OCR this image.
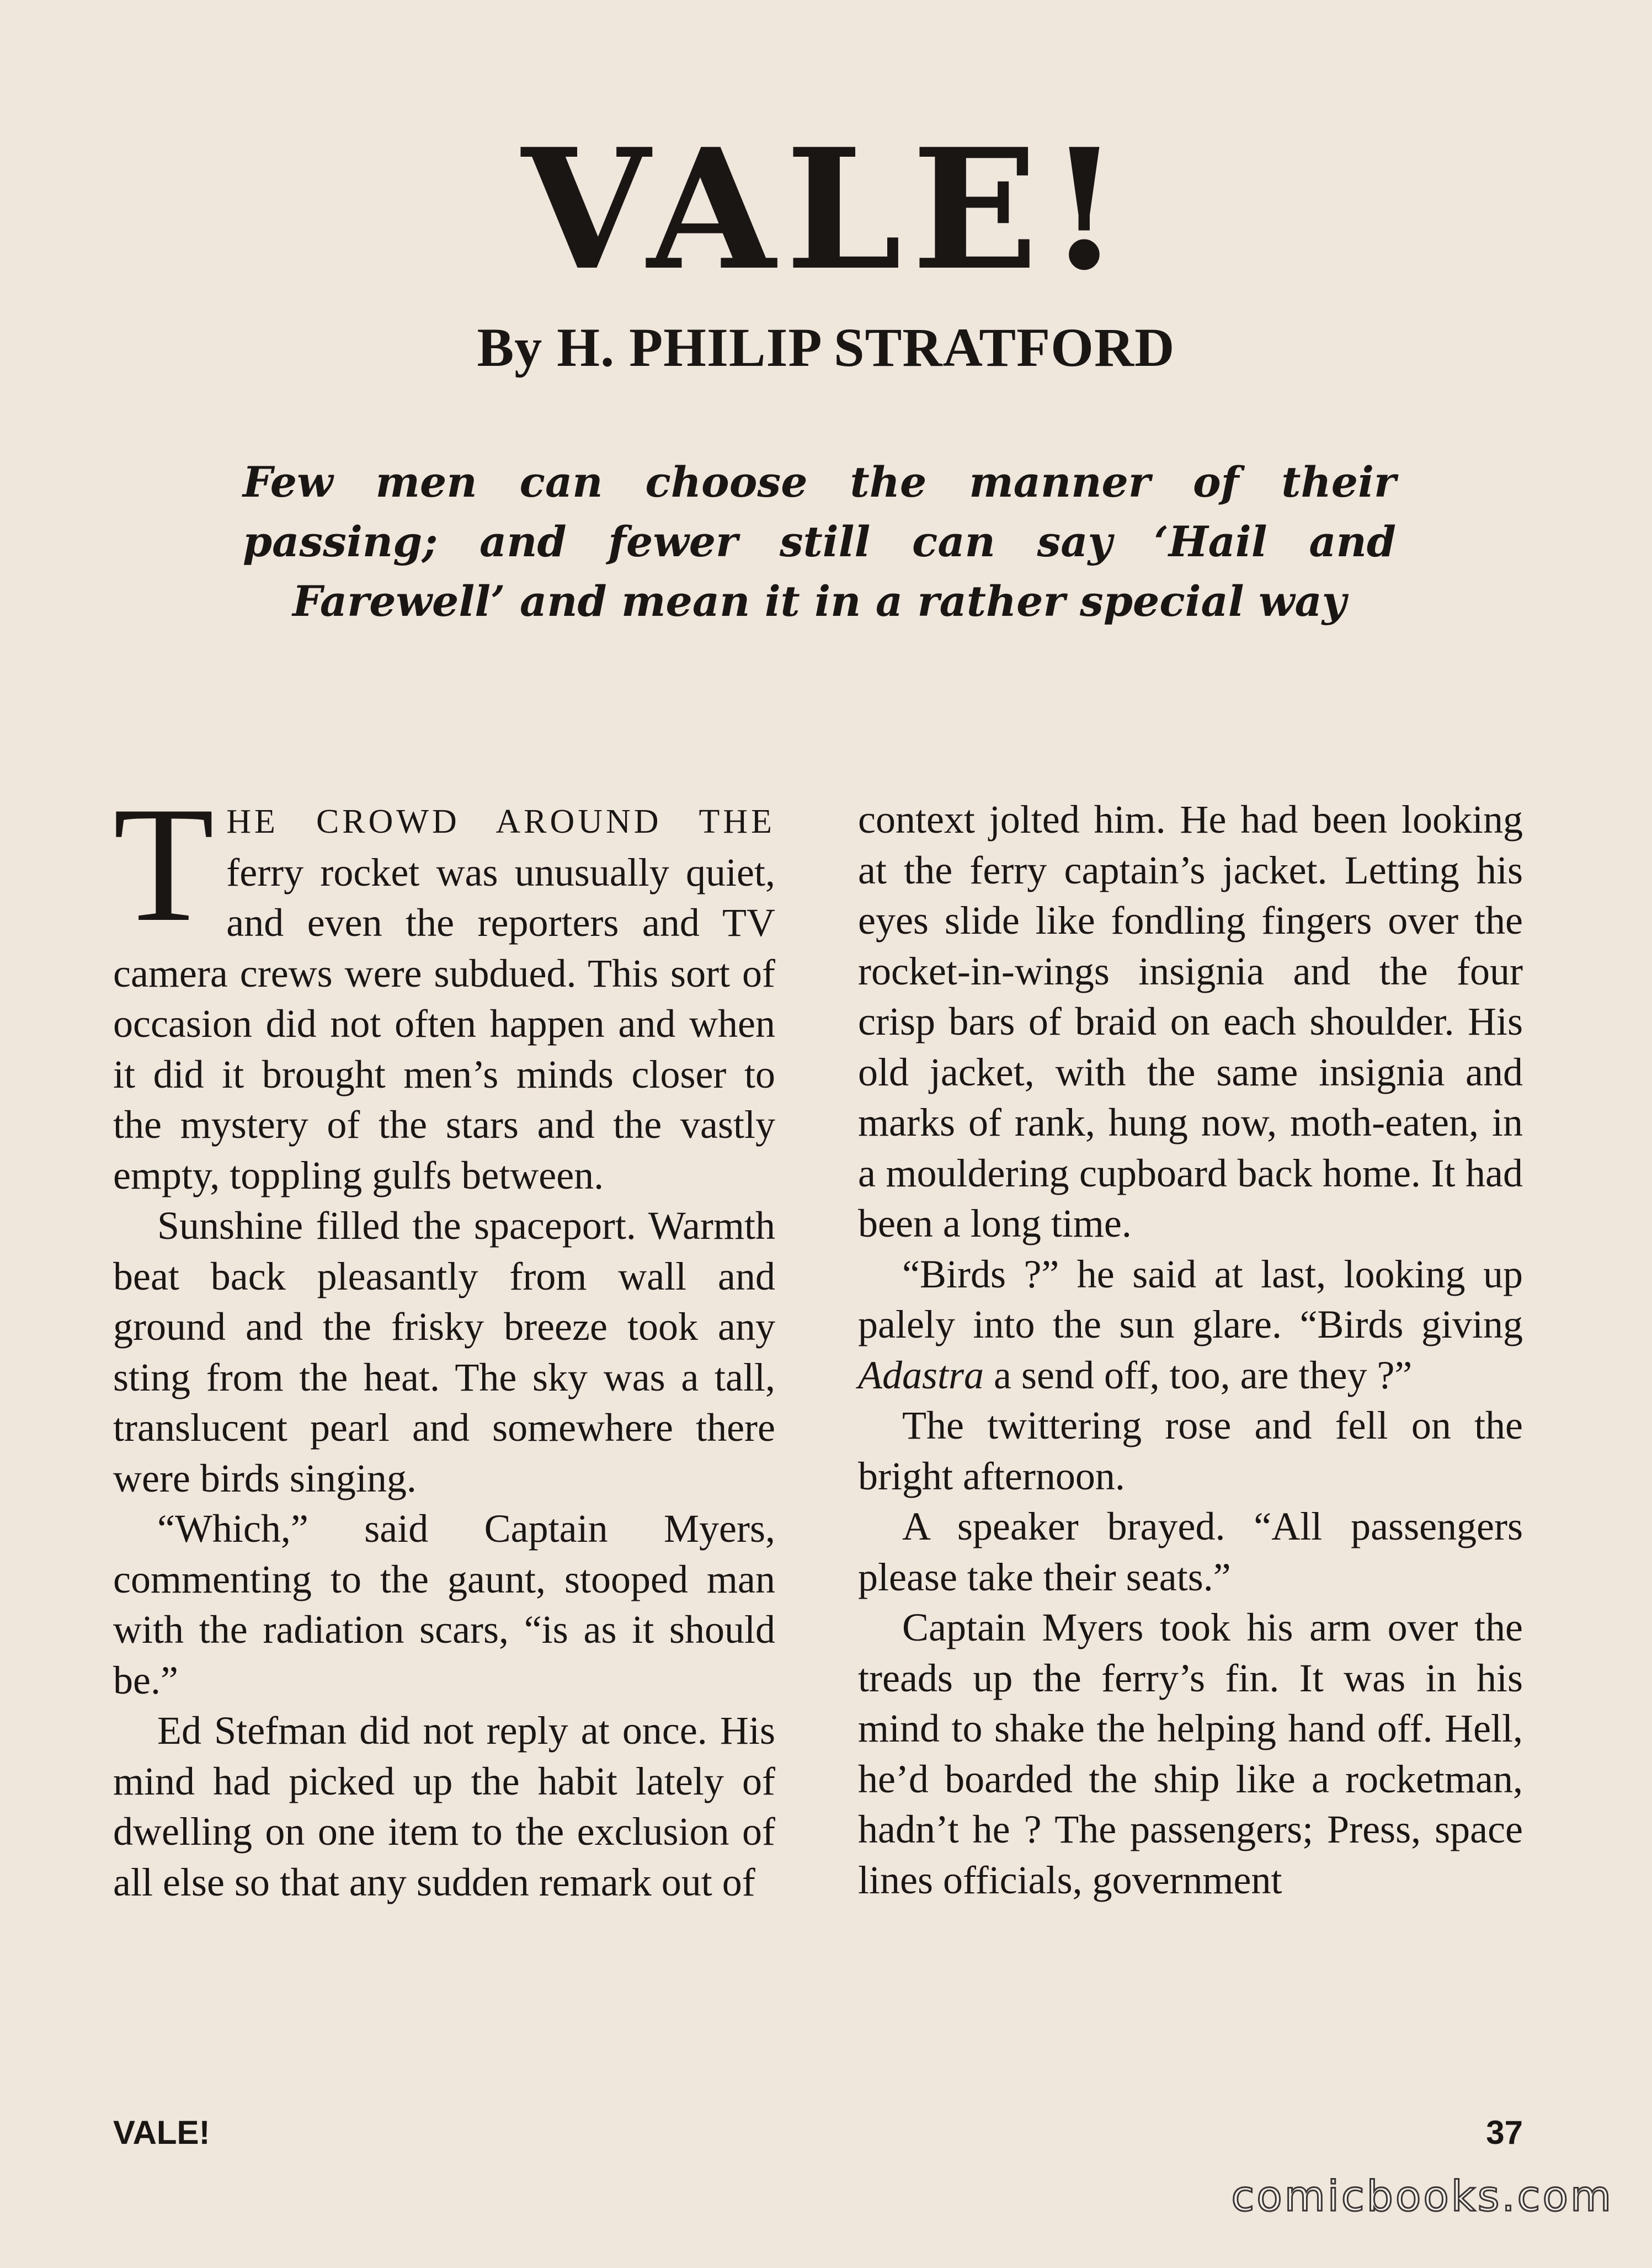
VALE!
By H. PHILIP STRATFORD

Few men can choose the manner of their passing; and fewer still can say ‘Hail and Farewell’ and mean it in a rather special way

THE CROWD AROUND THE ferry rocket was unusually quiet, and even the reporters and TV camera crews were subdued. This sort of occasion did not often happen and when it did it brought men’s minds closer to the mystery of the stars and the vastly empty, toppling gulfs between.

Sunshine filled the spaceport. Warmth beat back pleasantly from wall and ground and the frisky breeze took any sting from the heat. The sky was a tall, translucent pearl and somewhere there were birds singing.

“Which,” said Captain Myers, commenting to the gaunt, stooped man with the radiation scars, “is as it should be.”

Ed Stefman did not reply at once. His mind had picked up the habit lately of dwelling on one item to the exclusion of all else so that any sudden remark out of

context jolted him. He had been looking at the ferry captain’s jacket. Letting his eyes slide like fondling fingers over the rocket-in-wings insignia and the four crisp bars of braid on each shoulder. His old jacket, with the same insignia and marks of rank, hung now, moth-eaten, in a mouldering cupboard back home. It had been a long time.

“Birds ?” he said at last, looking up palely into the sun glare. “Birds giving Adastra a send off, too, are they ?”

The twittering rose and fell on the bright afternoon.

A speaker brayed. “All passengers please take their seats.”

Captain Myers took his arm over the treads up the ferry’s fin. It was in his mind to shake the helping hand off. Hell, he’d boarded the ship like a rocketman, hadn’t he ? The passengers; Press, space lines officials, government

VALE!	37
comicbooks.com
